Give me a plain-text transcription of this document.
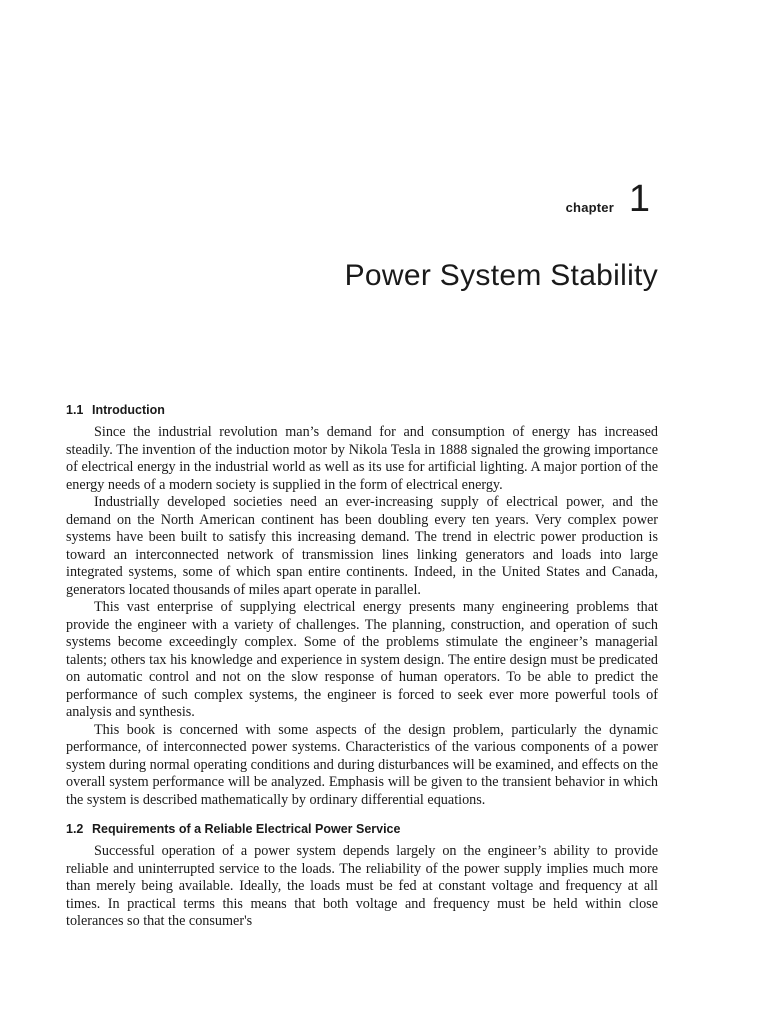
chapter 1
Power System Stability
1.1 Introduction

Since the industrial revolution man’s demand for and consumption of energy has increased steadily. The invention of the induction motor by Nikola Tesla in 1888 signaled the growing importance of electrical energy in the industrial world as well as its use for artificial lighting. A major portion of the energy needs of a modern society is supplied in the form of electrical energy.

Industrially developed societies need an ever-increasing supply of electrical power, and the demand on the North American continent has been doubling every ten years. Very complex power systems have been built to satisfy this increasing demand. The trend in electric power production is toward an interconnected network of transmission lines linking generators and loads into large integrated systems, some of which span entire continents. Indeed, in the United States and Canada, generators located thousands of miles apart operate in parallel.

This vast enterprise of supplying electrical energy presents many engineering problems that provide the engineer with a variety of challenges. The planning, construction, and operation of such systems become exceedingly complex. Some of the problems stimulate the engineer’s managerial talents; others tax his knowledge and experience in system design. The entire design must be predicated on automatic control and not on the slow response of human operators. To be able to predict the performance of such complex systems, the engineer is forced to seek ever more powerful tools of analysis and synthesis.

This book is concerned with some aspects of the design problem, particularly the dynamic performance, of interconnected power systems. Characteristics of the various components of a power system during normal operating conditions and during disturbances will be examined, and effects on the overall system performance will be analyzed. Emphasis will be given to the transient behavior in which the system is described mathematically by ordinary differential equations.

1.2 Requirements of a Reliable Electrical Power Service

Successful operation of a power system depends largely on the engineer’s ability to provide reliable and uninterrupted service to the loads. The reliability of the power supply implies much more than merely being available. Ideally, the loads must be fed at constant voltage and frequency at all times. In practical terms this means that both voltage and frequency must be held within close tolerances so that the consumer's
